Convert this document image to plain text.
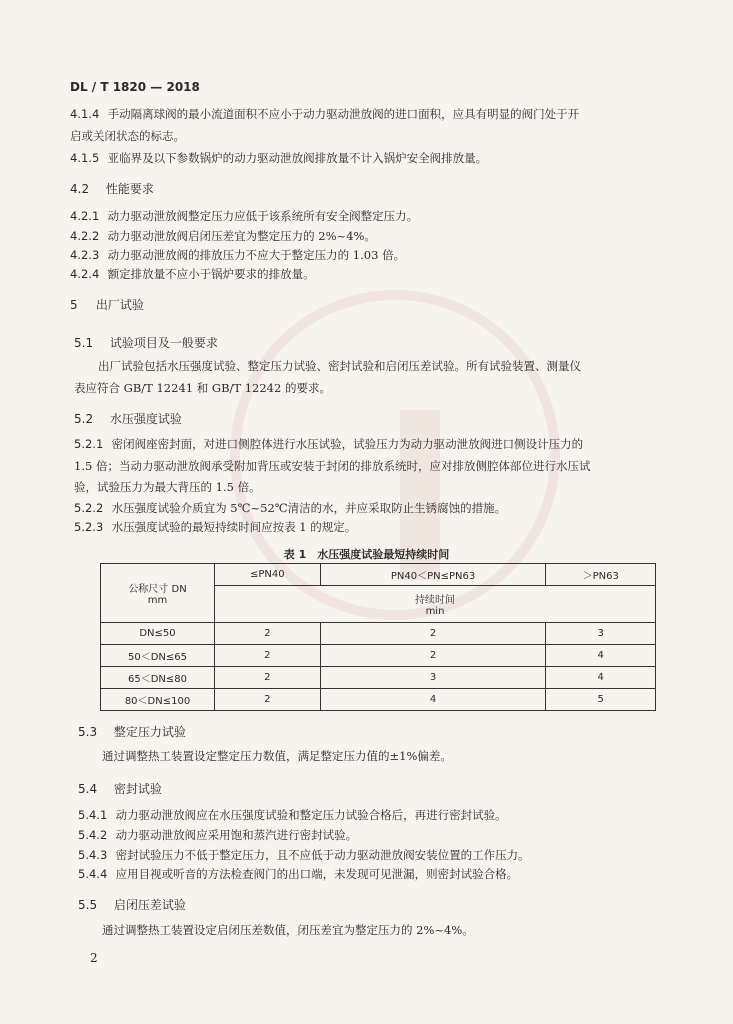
DL / T 1820 — 2018
4.1.4 手动隔离球阀的最小流道面积不应小于动力驱动泄放阀的进口面积，应具有明显的阀门处于开
启或关闭状态的标志。
4.1.5 亚临界及以下参数锅炉的动力驱动泄放阀排放量不计入锅炉安全阀排放量。
4.2 性能要求
4.2.1 动力驱动泄放阀整定压力应低于该系统所有安全阀整定压力。
4.2.2 动力驱动泄放阀启闭压差宜为整定压力的 2%~4%。
4.2.3 动力驱动泄放阀的排放压力不应大于整定压力的 1.03 倍。
4.2.4 额定排放量不应小于锅炉要求的排放量。
5 出厂试验
5.1 试验项目及一般要求
出厂试验包括水压强度试验、整定压力试验、密封试验和启闭压差试验。所有试验装置、测量仪
表应符合 GB/T 12241 和 GB/T 12242 的要求。
5.2 水压强度试验
5.2.1 密闭阀座密封面，对进口侧腔体进行水压试验，试验压力为动力驱动泄放阀进口侧设计压力的
1.5 倍；当动力驱动泄放阀承受附加背压或安装于封闭的排放系统时，应对排放侧腔体部位进行水压试
验，试验压力为最大背压的 1.5 倍。
5.2.2 水压强度试验介质宜为 5℃~52℃清洁的水，并应采取防止生锈腐蚀的措施。
5.2.3 水压强度试验的最短持续时间应按表 1 的规定。
表 1　水压强度试验最短持续时间
公称尺寸 DN
mm	≤PN40	PN40＜PN≤PN63	＞PN63

	持续时间
min		

DN≤50	2	2	3
50＜DN≤65	2	2	4
65＜DN≤80	2	3	4
80＜DN≤100	2	4	5
5.3 整定压力试验
通过调整热工装置设定整定压力数值，满足整定压力值的±1%偏差。
5.4 密封试验
5.4.1 动力驱动泄放阀应在水压强度试验和整定压力试验合格后，再进行密封试验。
5.4.2 动力驱动泄放阀应采用饱和蒸汽进行密封试验。
5.4.3 密封试验压力不低于整定压力，且不应低于动力驱动泄放阀安装位置的工作压力。
5.4.4 应用目视或听音的方法检查阀门的出口端，未发现可见泄漏，则密封试验合格。
5.5 启闭压差试验
通过调整热工装置设定启闭压差数值，闭压差宜为整定压力的 2%~4%。
2
